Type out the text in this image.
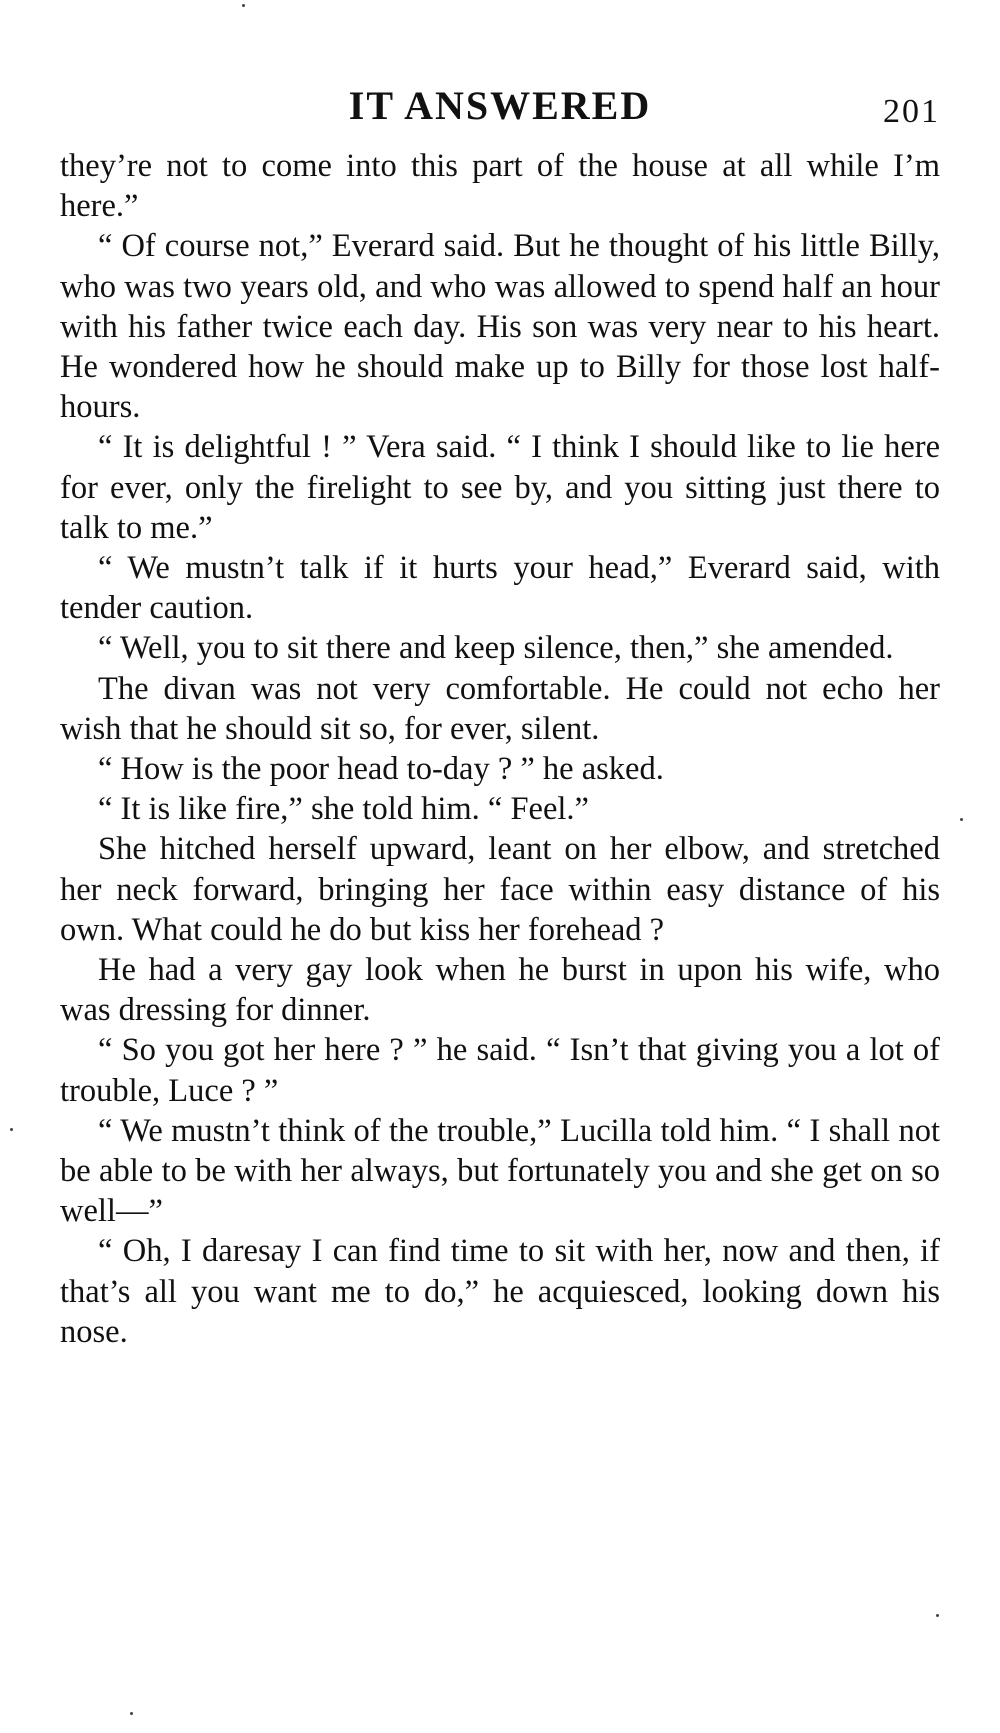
IT ANSWERED	201

they’re not to come into this part of the house at all while I’m here.”

“ Of course not,” Everard said. But he thought of his little Billy, who was two years old, and who was allowed to spend half an hour with his father twice each day. His son was very near to his heart. He wondered how he should make up to Billy for those lost half-hours.

“ It is delightful ! ” Vera said. “ I think I should like to lie here for ever, only the firelight to see by, and you sitting just there to talk to me.”

“ We mustn’t talk if it hurts your head,” Everard said, with tender caution.

“ Well, you to sit there and keep silence, then,” she amended.

The divan was not very comfortable. He could not echo her wish that he should sit so, for ever, silent.

“ How is the poor head to-day ? ” he asked.

“ It is like fire,” she told him. “ Feel.”

She hitched herself upward, leant on her elbow, and stretched her neck forward, bringing her face within easy distance of his own. What could he do but kiss her forehead ?

He had a very gay look when he burst in upon his wife, who was dressing for dinner.

“ So you got her here ? ” he said. “ Isn’t that giving you a lot of trouble, Luce ? ”

“ We mustn’t think of the trouble,” Lucilla told him. “ I shall not be able to be with her always, but fortunately you and she get on so well—”

“ Oh, I daresay I can find time to sit with her, now and then, if that’s all you want me to do,” he acquiesced, looking down his nose.
